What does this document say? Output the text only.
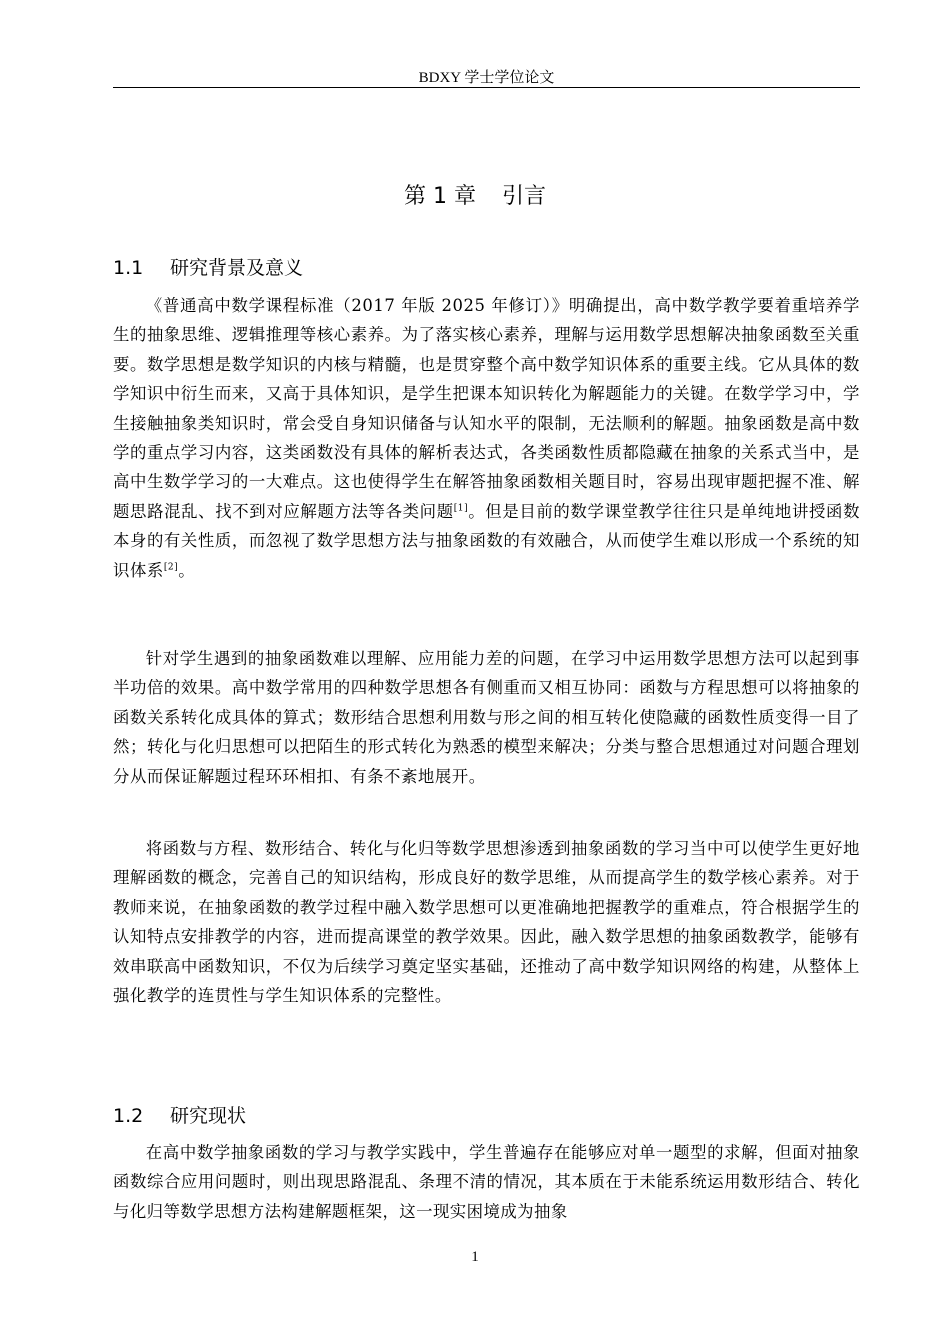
BDXY 学士学位论文
第 1 章 引言
1.1 研究背景及意义

《普通高中数学课程标准（2017 年版 2025 年修订）》明确提出，高中数学教学要着重培养学生的抽象思维、逻辑推理等核心素养。为了落实核心素养，理解与运用数学思想解决抽象函数至关重要。数学思想是数学知识的内核与精髓，也是贯穿整个高中数学知识体系的重要主线。它从具体的数学知识中衍生而来，又高于具体知识，是学生把课本知识转化为解题能力的关键。在数学学习中，学生接触抽象类知识时，常会受自身知识储备与认知水平的限制，无法顺利的解题。抽象函数是高中数学的重点学习内容，这类函数没有具体的解析表达式，各类函数性质都隐藏在抽象的关系式当中，是高中生数学学习的一大难点。这也使得学生在解答抽象函数相关题目时，容易出现审题把握不准、解题思路混乱、找不到对应解题方法等各类问题[1]。但是目前的数学课堂教学往往只是单纯地讲授函数本身的有关性质，而忽视了数学思想方法与抽象函数的有效融合，从而使学生难以形成一个系统的知识体系[2]。

针对学生遇到的抽象函数难以理解、应用能力差的问题，在学习中运用数学思想方法可以起到事半功倍的效果。高中数学常用的四种数学思想各有侧重而又相互协同：函数与方程思想可以将抽象的函数关系转化成具体的算式；数形结合思想利用数与形之间的相互转化使隐藏的函数性质变得一目了然；转化与化归思想可以把陌生的形式转化为熟悉的模型来解决；分类与整合思想通过对问题合理划分从而保证解题过程环环相扣、有条不紊地展开。

将函数与方程、数形结合、转化与化归等数学思想渗透到抽象函数的学习当中可以使学生更好地理解函数的概念，完善自己的知识结构，形成良好的数学思维，从而提高学生的数学核心素养。对于教师来说，在抽象函数的教学过程中融入数学思想可以更准确地把握教学的重难点，符合根据学生的认知特点安排教学的内容，进而提高课堂的教学效果。因此，融入数学思想的抽象函数教学，能够有效串联高中函数知识，不仅为后续学习奠定坚实基础，还推动了高中数学知识网络的构建，从整体上强化教学的连贯性与学生知识体系的完整性。

1.2 研究现状

在高中数学抽象函数的学习与教学实践中，学生普遍存在能够应对单一题型的求解，但面对抽象函数综合应用问题时，则出现思路混乱、条理不清的情况，其本质在于未能系统运用数形结合、转化与化归等数学思想方法构建解题框架，这一现实困境成为抽象

1
